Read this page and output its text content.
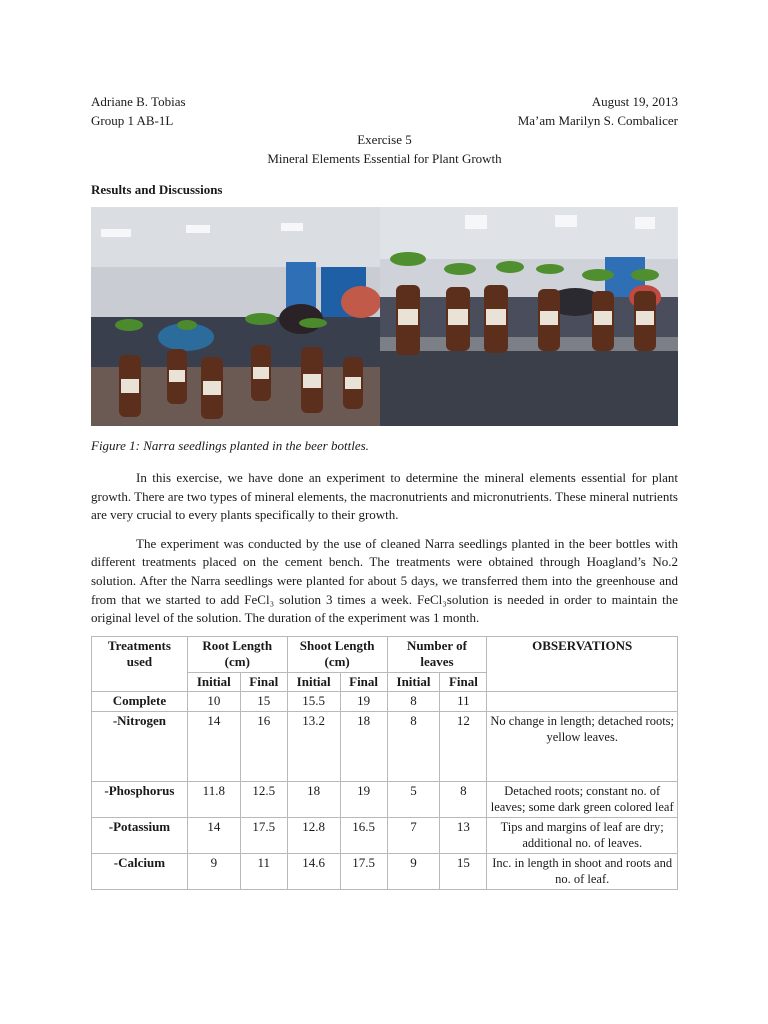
Adriane B. Tobias	August 19, 2013
Group 1 AB-1L	Ma’am Marilyn S. Combalicer
Exercise 5
Mineral Elements Essential for Plant Growth
Results and Discussions
Figure 1: Narra seedlings planted in the beer bottles.

In this exercise, we have done an experiment to determine the mineral elements essential for plant growth. There are two types of mineral elements, the macronutrients and micronutrients. These mineral nutrients are very crucial to every plants specifically to their growth.

The experiment was conducted by the use of cleaned Narra seedlings planted in the beer bottles with different treatments placed on the cement bench. The treatments were obtained through Hoagland’s No.2 solution. After the Narra seedlings were planted for about 5 days, we transferred them into the greenhouse and from that we started to add FeCl₃ solution 3 times a week. FeCl₃solution is needed in order to maintain the original level of the solution. The duration of the experiment was 1 month.

Treatments used	Root Length (cm)		Shoot Length (cm)		Number of leaves		OBSERVATIONS
	Initial	Final	Initial	Final	Initial	Final	
Complete	10	15	15.5	19	8	11	
-Nitrogen	14	16	13.2	18	8	12	No change in length; detached roots; yellow leaves.
-Phosphorus	11.8	12.5	18	19	5	8	Detached roots; constant no. of leaves; some dark green colored leaf
-Potassium	14	17.5	12.8	16.5	7	13	Tips and margins of leaf are dry; additional no. of leaves.
-Calcium	9	11	14.6	17.5	9	15	Inc. in length in shoot and roots and no. of leaf.
